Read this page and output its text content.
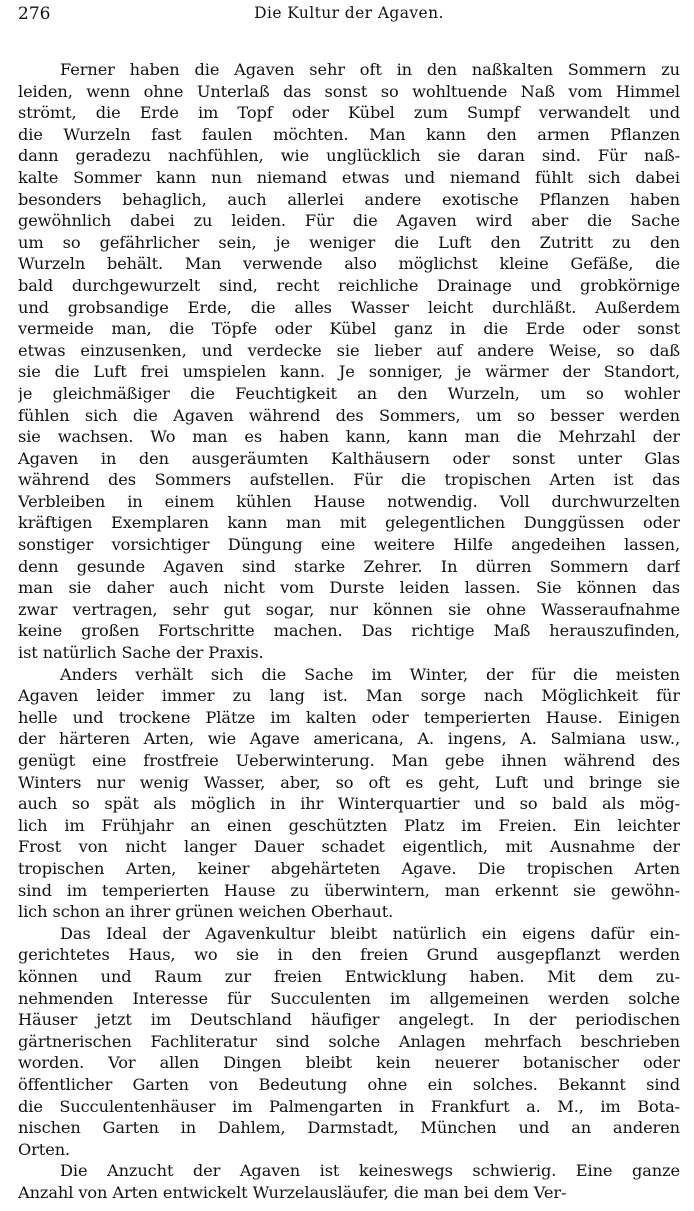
276	Die Kultur der Agaven.
Ferner haben die Agaven sehr oft in den naßkalten Sommern zu
leiden, wenn ohne Unterlaß das sonst so wohltuende Naß vom Himmel
strömt, die Erde im Topf oder Kübel zum Sumpf verwandelt und
die Wurzeln fast faulen möchten. Man kann den armen Pflanzen
dann geradezu nachfühlen, wie unglücklich sie daran sind. Für naß-
kalte Sommer kann nun niemand etwas und niemand fühlt sich dabei
besonders behaglich, auch allerlei andere exotische Pflanzen haben
gewöhnlich dabei zu leiden. Für die Agaven wird aber die Sache
um so gefährlicher sein, je weniger die Luft den Zutritt zu den
Wurzeln behält. Man verwende also möglichst kleine Gefäße, die
bald durchgewurzelt sind, recht reichliche Drainage und grobkörnige
und grobsandige Erde, die alles Wasser leicht durchläßt. Außerdem
vermeide man, die Töpfe oder Kübel ganz in die Erde oder sonst
etwas einzusenken, und verdecke sie lieber auf andere Weise, so daß
sie die Luft frei umspielen kann. Je sonniger, je wärmer der Standort,
je gleichmäßiger die Feuchtigkeit an den Wurzeln, um so wohler
fühlen sich die Agaven während des Sommers, um so besser werden
sie wachsen. Wo man es haben kann, kann man die Mehrzahl der
Agaven in den ausgeräumten Kalthäusern oder sonst unter Glas
während des Sommers aufstellen. Für die tropischen Arten ist das
Verbleiben in einem kühlen Hause notwendig. Voll durchwurzelten
kräftigen Exemplaren kann man mit gelegentlichen Dunggüssen oder
sonstiger vorsichtiger Düngung eine weitere Hilfe angedeihen lassen,
denn gesunde Agaven sind starke Zehrer. In dürren Sommern darf
man sie daher auch nicht vom Durste leiden lassen. Sie können das
zwar vertragen, sehr gut sogar, nur können sie ohne Wasseraufnahme
keine großen Fortschritte machen. Das richtige Maß herauszufinden,
ist natürlich Sache der Praxis.
Anders verhält sich die Sache im Winter, der für die meisten
Agaven leider immer zu lang ist. Man sorge nach Möglichkeit für
helle und trockene Plätze im kalten oder temperierten Hause. Einigen
der härteren Arten, wie Agave americana, A. ingens, A. Salmiana usw.,
genügt eine frostfreie Ueberwinterung. Man gebe ihnen während des
Winters nur wenig Wasser, aber, so oft es geht, Luft und bringe sie
auch so spät als möglich in ihr Winterquartier und so bald als mög-
lich im Frühjahr an einen geschützten Platz im Freien. Ein leichter
Frost von nicht langer Dauer schadet eigentlich, mit Ausnahme der
tropischen Arten, keiner abgehärteten Agave. Die tropischen Arten
sind im temperierten Hause zu überwintern, man erkennt sie gewöhn-
lich schon an ihrer grünen weichen Oberhaut.
Das Ideal der Agavenkultur bleibt natürlich ein eigens dafür ein-
gerichtetes Haus, wo sie in den freien Grund ausgepflanzt werden
können und Raum zur freien Entwicklung haben. Mit dem zu-
nehmenden Interesse für Succulenten im allgemeinen werden solche
Häuser jetzt im Deutschland häufiger angelegt. In der periodischen
gärtnerischen Fachliteratur sind solche Anlagen mehrfach beschrieben
worden. Vor allen Dingen bleibt kein neuerer botanischer oder
öffentlicher Garten von Bedeutung ohne ein solches. Bekannt sind
die Succulentenhäuser im Palmengarten in Frankfurt a. M., im Bota-
nischen Garten in Dahlem, Darmstadt, München und an anderen
Orten.
Die Anzucht der Agaven ist keineswegs schwierig. Eine ganze
Anzahl von Arten entwickelt Wurzelausläufer, die man bei dem Ver-
